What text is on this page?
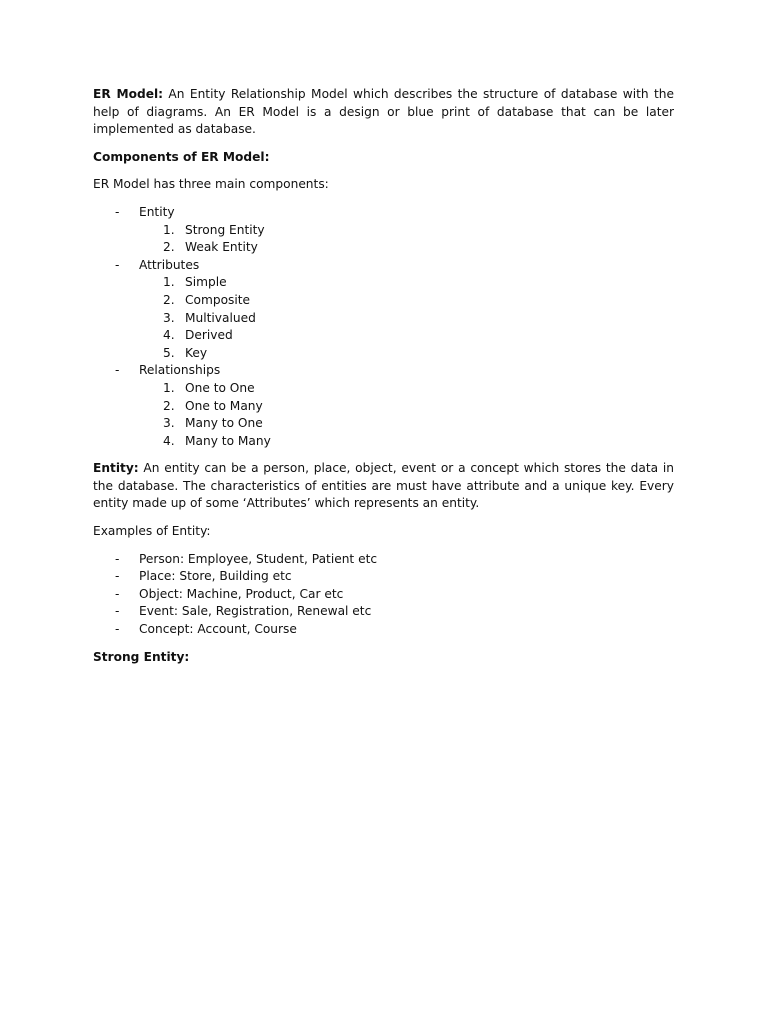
ER Model: An Entity Relationship Model which describes the structure of database with the help of diagrams. An ER Model is a design or blue print of database that can be later implemented as database.

Components of ER Model:

ER Model has three main components:

- Entity
1. Strong Entity
2. Weak Entity
- Attributes
1. Simple
2. Composite
3. Multivalued
4. Derived
5. Key
- Relationships
1. One to One
2. One to Many
3. Many to One
4. Many to Many

Entity: An entity can be a person, place, object, event or a concept which stores the data in the database. The characteristics of entities are must have attribute and a unique key. Every entity made up of some ‘Attributes’ which represents an entity.

Examples of Entity:

- Person: Employee, Student, Patient etc
- Place: Store, Building etc
- Object: Machine, Product, Car etc
- Event: Sale, Registration, Renewal etc
- Concept: Account, Course

Strong Entity:
